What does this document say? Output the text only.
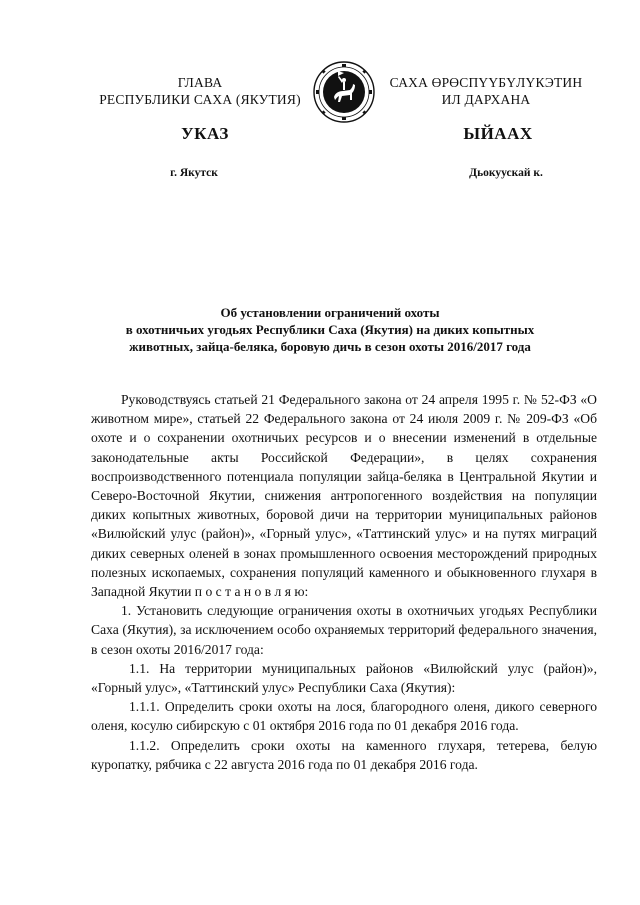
ГЛАВА
РЕСПУБЛИКИ САХА (ЯКУТИЯ)
САХА ӨРӨСПҮҮБҮЛҮКЭТИН
ИЛ ДАРХАНА
УКАЗ	ЫЙААХ
г. Якутск	Дьокуускай к.
Об установлении ограничений охоты
в охотничьих угодьях Республики Саха (Якутия) на диких копытных
животных, зайца-беляка, боровую дичь в сезон охоты 2016/2017 года

Руководствуясь статьей 21 Федерального закона от 24 апреля 1995 г. № 52-ФЗ «О животном мире», статьей 22 Федерального закона от 24 июля 2009 г. № 209-ФЗ «Об охоте и о сохранении охотничьих ресурсов и о внесении изменений в отдельные законодательные акты Российской Федерации», в целях сохранения воспроизводственного потенциала популяции зайца-беляка в Центральной Якутии и Северо-Восточной Якутии, снижения антропогенного воздействия на популяции диких копытных животных, боровой дичи на территории муниципальных районов «Вилюйский улус (район)», «Горный улус», «Таттинский улус» и на путях миграций диких северных оленей в зонах промышленного освоения месторождений природных полезных ископаемых, сохранения популяций каменного и обыкновенного глухаря в Западной Якутии п о с т а н о в л я ю:

1. Установить следующие ограничения охоты в охотничьих угодьях Республики Саха (Якутия), за исключением особо охраняемых территорий федерального значения, в сезон охоты 2016/2017 года:

1.1. На территории муниципальных районов «Вилюйский улус (район)», «Горный улус», «Таттинский улус» Республики Саха (Якутия):

1.1.1. Определить сроки охоты на лося, благородного оленя, дикого северного оленя, косулю сибирскую с 01 октября 2016 года по 01 декабря 2016 года.

1.1.2. Определить сроки охоты на каменного глухаря, тетерева, белую куропатку, рябчика с 22 августа 2016 года по 01 декабря 2016 года.
